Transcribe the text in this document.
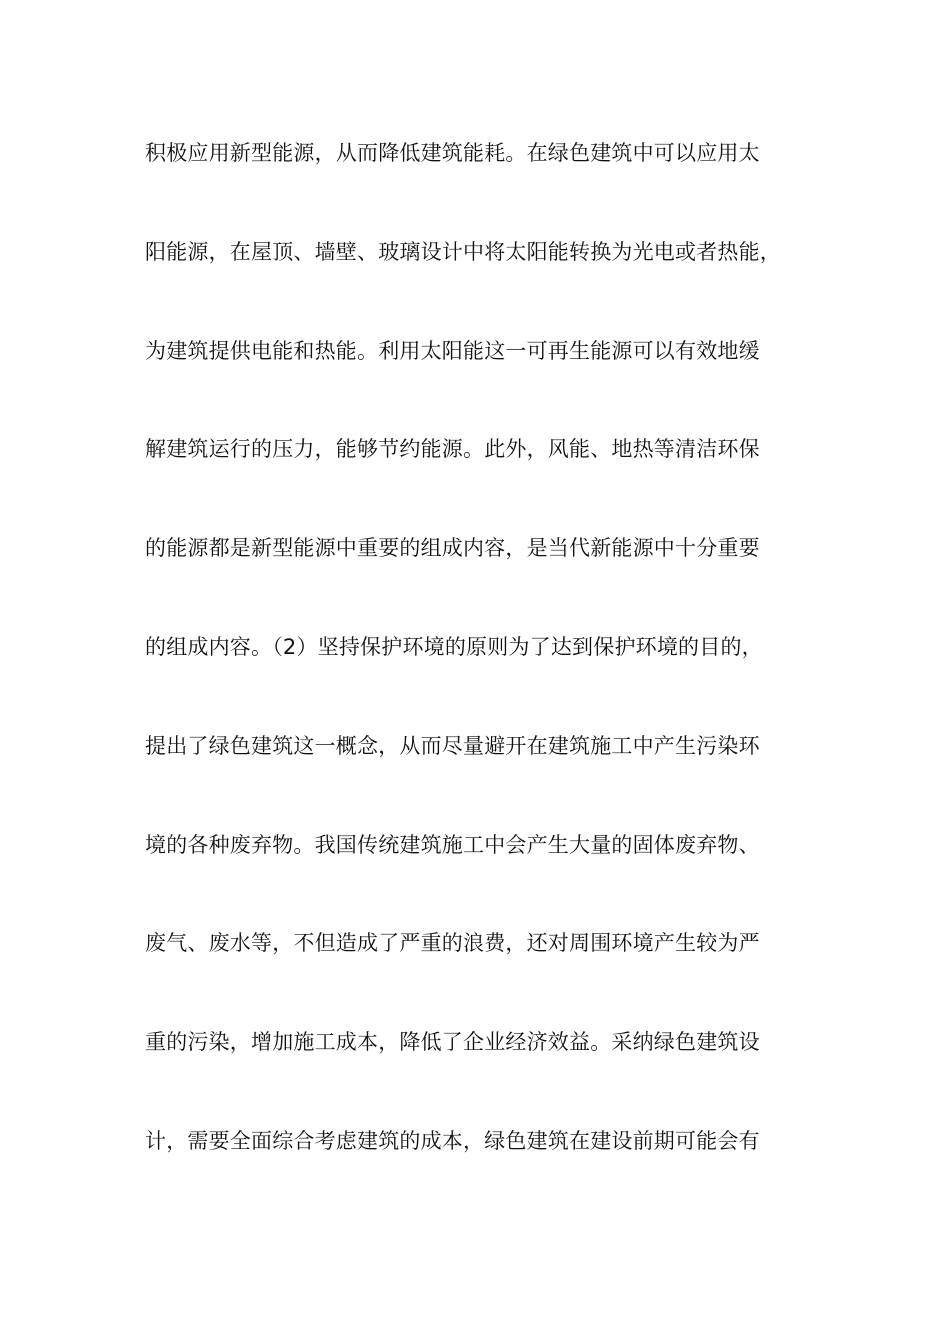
积极应用新型能源，从而降低建筑能耗。在绿色建筑中可以应用太
阳能源，在屋顶、墙壁、玻璃设计中将太阳能转换为光电或者热能，
为建筑提供电能和热能。利用太阳能这一可再生能源可以有效地缓
解建筑运行的压力，能够节约能源。此外，风能、地热等清洁环保
的能源都是新型能源中重要的组成内容，是当代新能源中十分重要
的组成内容。（2）坚持保护环境的原则为了达到保护环境的目的，
提出了绿色建筑这一概念，从而尽量避开在建筑施工中产生污染环
境的各种废弃物。我国传统建筑施工中会产生大量的固体废弃物、
废气、废水等，不但造成了严重的浪费，还对周围环境产生较为严
重的污染，增加施工成本，降低了企业经济效益。采纳绿色建筑设
计，需要全面综合考虑建筑的成本，绿色建筑在建设前期可能会有
